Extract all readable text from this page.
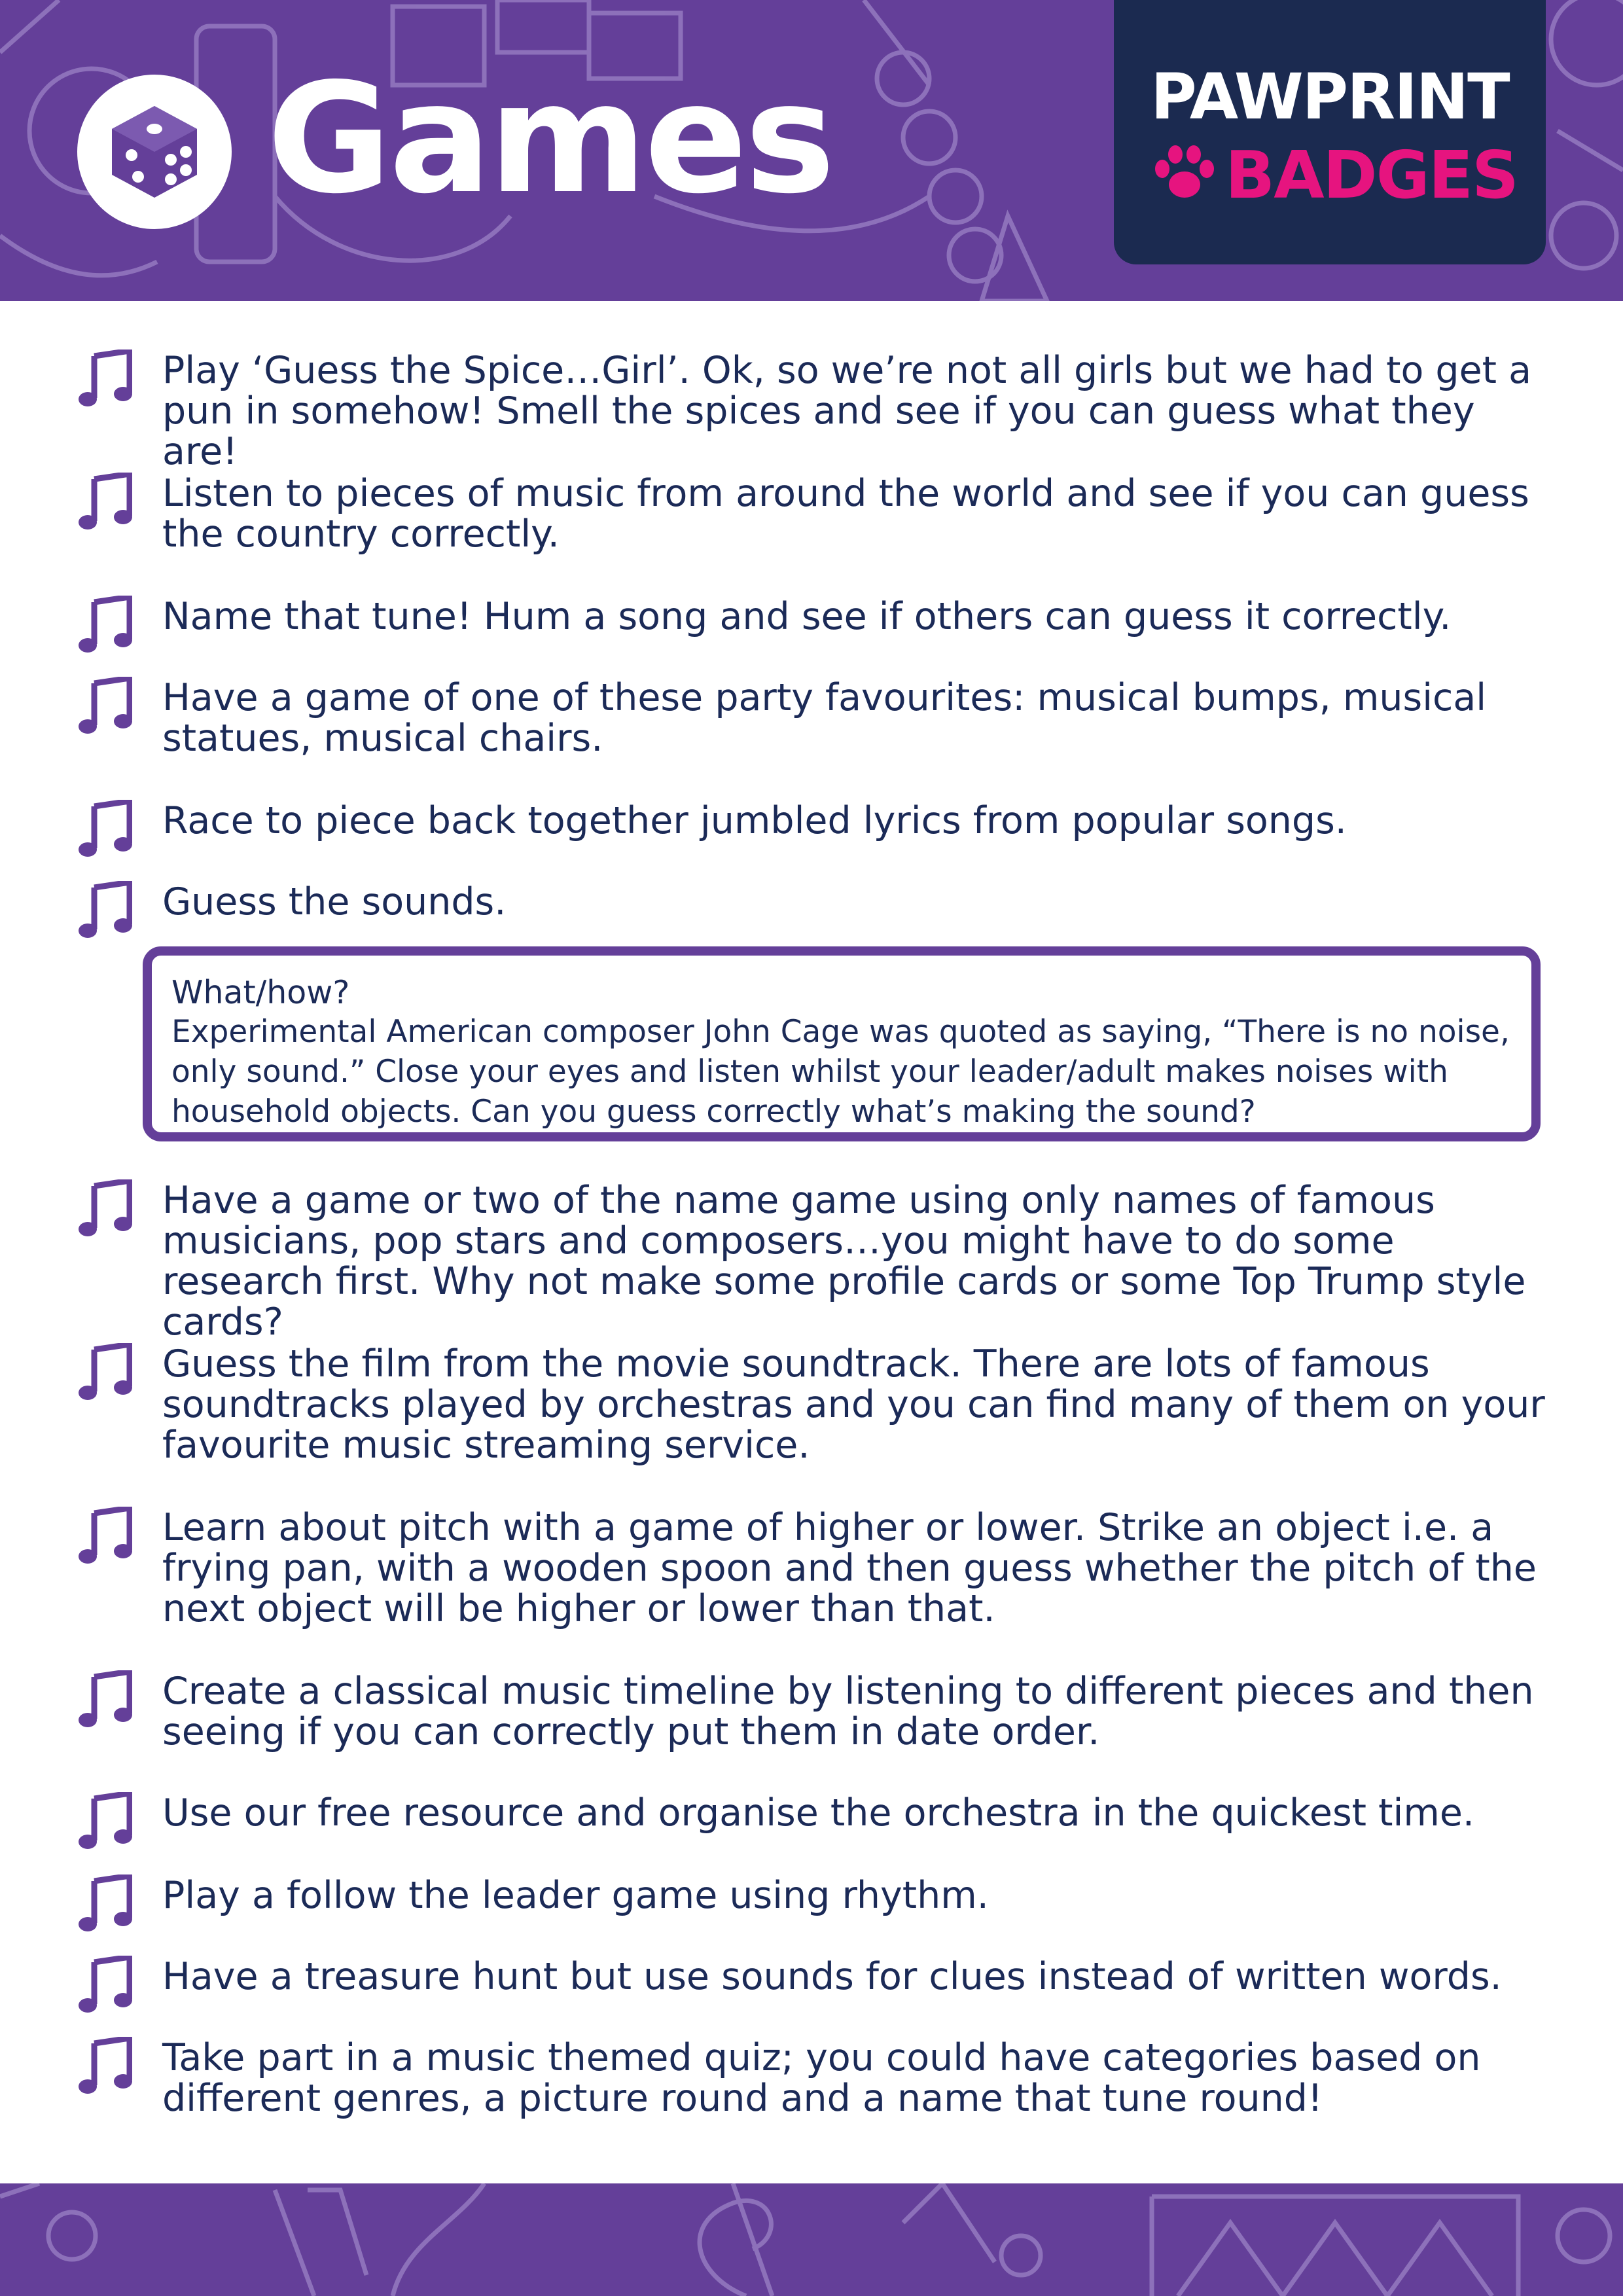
Games	PAWPRINT
BADGES

Play ‘Guess the Spice…Girl’. Ok, so we’re not all girls but we had to get a pun in somehow! Smell the spices and see if you can guess what they are!

Listen to pieces of music from around the world and see if you can guess the country correctly.

Name that tune! Hum a song and see if others can guess it correctly.

Have a game of one of these party favourites: musical bumps, musical statues, musical chairs.

Race to piece back together jumbled lyrics from popular songs.

Guess the sounds.

What/how?
Experimental American composer John Cage was quoted as saying, “There is no noise, only sound.” Close your eyes and listen whilst your leader/adult makes noises with household objects. Can you guess correctly what’s making the sound?

Have a game or two of the name game using only names of famous musicians, pop stars and composers…you might have to do some research first. Why not make some profile cards or some Top Trump style cards?

Guess the film from the movie soundtrack. There are lots of famous soundtracks played by orchestras and you can find many of them on your favourite music streaming service.

Learn about pitch with a game of higher or lower. Strike an object i.e. a frying pan, with a wooden spoon and then guess whether the pitch of the next object will be higher or lower than that.

Create a classical music timeline by listening to different pieces and then seeing if you can correctly put them in date order.

Use our free resource and organise the orchestra in the quickest time.

Play a follow the leader game using rhythm.

Have a treasure hunt but use sounds for clues instead of written words.

Take part in a music themed quiz; you could have categories based on different genres, a picture round and a name that tune round!
